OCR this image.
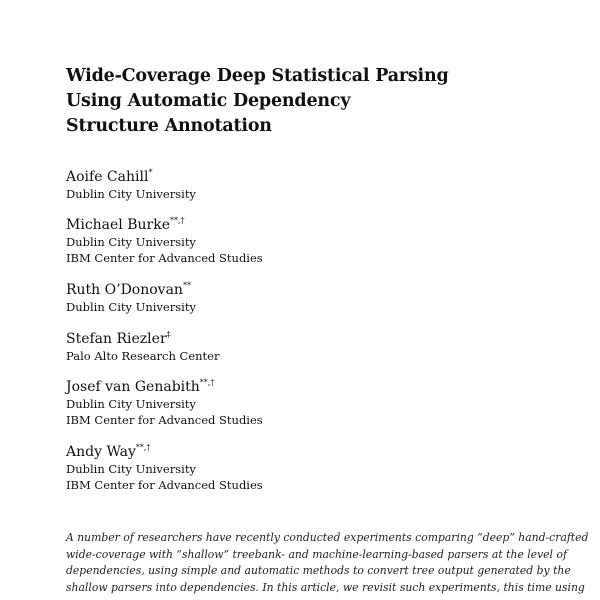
Wide-Coverage Deep Statistical Parsing
Using Automatic Dependency
Structure Annotation
Aoife Cahill*
Dublin City University
Michael Burke**,†
Dublin City University
IBM Center for Advanced Studies
Ruth O’Donovan**
Dublin City University
Stefan Riezler‡
Palo Alto Research Center
Josef van Genabith**,†
Dublin City University
IBM Center for Advanced Studies
Andy Way**,†
Dublin City University
IBM Center for Advanced Studies
A number of researchers have recently conducted experiments comparing “deep” hand-crafted
wide-coverage with “shallow” treebank- and machine-learning-based parsers at the level of
dependencies, using simple and automatic methods to convert tree output generated by the
shallow parsers into dependencies. In this article, we revisit such experiments, this time using
